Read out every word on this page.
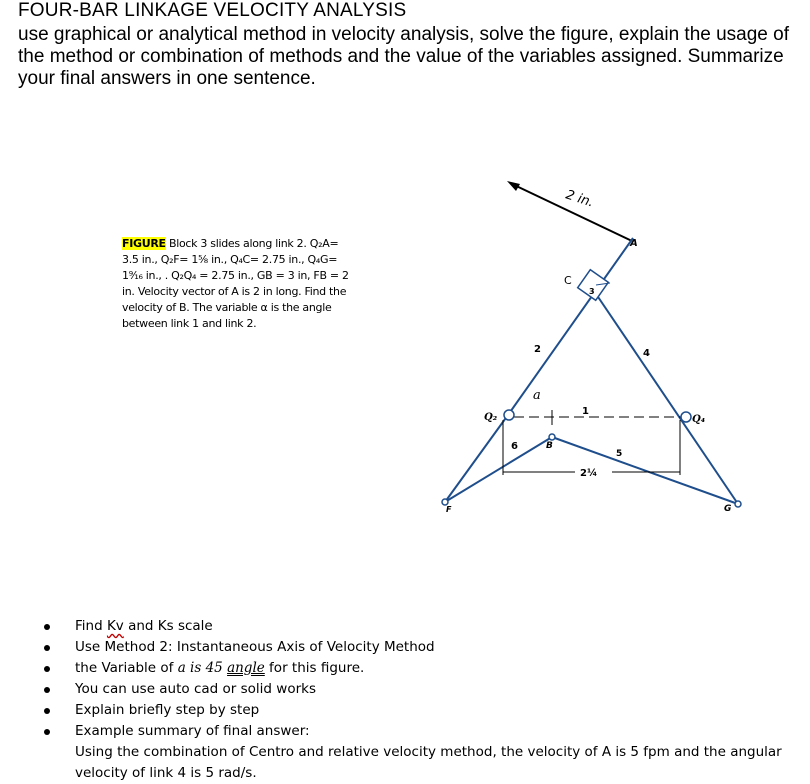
FOUR-BAR LINKAGE VELOCITY ANALYSIS
use graphical or analytical method in velocity analysis, solve the figure, explain the usage of the method or combination of methods and the value of the variables assigned. Summarize your final answers in one sentence.
FIGURE Block 3 slides along link 2. Q₂A=
3.5 in., Q₂F= 1⁵⁄₈ in., Q₄C= 2.75 in., Q₄G=
1⁹⁄₁₆ in., . Q₂Q₄ = 2.75 in., GB = 3 in, FB = 2
in. Velocity vector of A is 2 in long. Find the
velocity of B. The variable α is the angle
between link 1 and link 2.
2 in.
A
C
3
2	4
a
1
Q₂	Q₄
B
6
5
2¼
F	G
Find Kv and Ks scale
Use Method 2: Instantaneous Axis of Velocity Method
the Variable of a is 45 angle for this figure.
You can use auto cad or solid works
Explain briefly step by step
Example summary of final answer:
Using the combination of Centro and relative velocity method, the velocity of A is 5 fpm and the angular velocity of link 4 is 5 rad/s.
